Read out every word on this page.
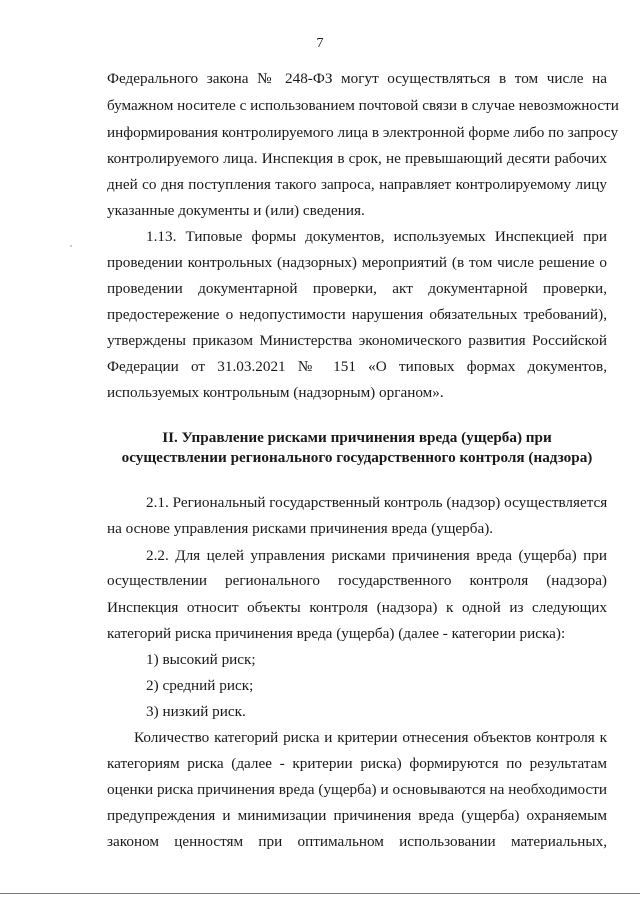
7
Федерального закона № 248-ФЗ могут осуществляться в том числе на
бумажном носителе с использованием почтовой связи в случае невозможности
информирования контролируемого лица в электронной форме либо по запросу
контролируемого лица. Инспекция в срок, не превышающий десяти рабочих
дней со дня поступления такого запроса, направляет контролируемому лицу
указанные документы и (или) сведения.
1.13. Типовые формы документов, используемых Инспекцией при
проведении контрольных (надзорных) мероприятий (в том числе решение о
проведении документарной проверки, акт документарной проверки,
предостережение о недопустимости нарушения обязательных требований),
утверждены приказом Министерства экономического развития Российской
Федерации от 31.03.2021 № 151 «О типовых формах документов,
используемых контрольным (надзорным) органом».
II. Управление рисками причинения вреда (ущерба) при
осуществлении регионального государственного контроля (надзора)
2.1. Региональный государственный контроль (надзор) осуществляется
на основе управления рисками причинения вреда (ущерба).
2.2. Для целей управления рисками причинения вреда (ущерба) при
осуществлении регионального государственного контроля (надзора)
Инспекция относит объекты контроля (надзора) к одной из следующих
категорий риска причинения вреда (ущерба) (далее - категории риска):
1) высокий риск;
2) средний риск;
3) низкий риск.
Количество категорий риска и критерии отнесения объектов контроля к
категориям риска (далее - критерии риска) формируются по результатам
оценки риска причинения вреда (ущерба) и основываются на необходимости
предупреждения и минимизации причинения вреда (ущерба) охраняемым
законом ценностям при оптимальном использовании материальных,
